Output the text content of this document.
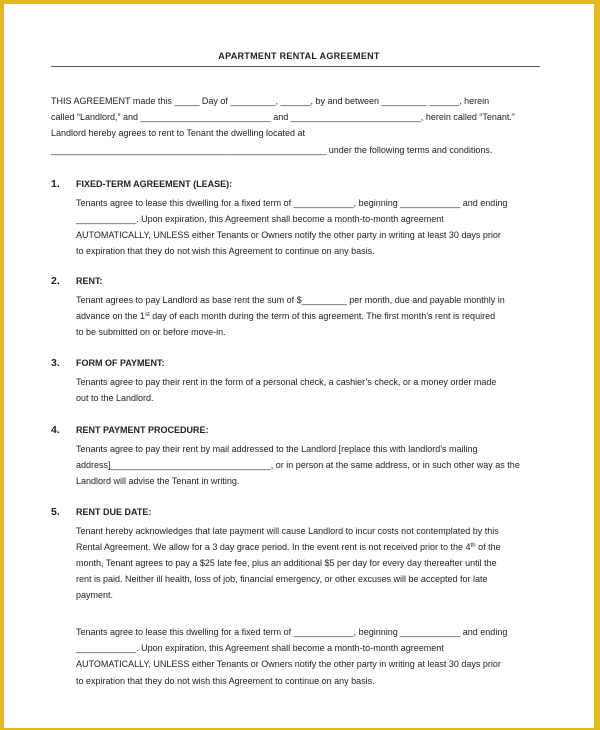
APARTMENT RENTAL AGREEMENT

THIS AGREEMENT made this _____ Day of _________, ______, by and between _________ ______, herein
called “Landlord,” and __________________________ and __________________________, herein called “Tenant.”
Landlord hereby agrees to rent to Tenant the dwelling located at
_______________________________________________________ under the following terms and conditions.

1. FIXED-TERM AGREEMENT (LEASE):

Tenants agree to lease this dwelling for a fixed term of ____________, beginning ____________ and ending
____________. Upon expiration, this Agreement shall become a month-to-month agreement
AUTOMATICALLY, UNLESS either Tenants or Owners notify the other party in writing at least 30 days prior
to expiration that they do not wish this Agreement to continue on any basis.

2. RENT:

Tenant agrees to pay Landlord as base rent the sum of $_________ per month, due and payable monthly in
advance on the 1st day of each month during the term of this agreement. The first month’s rent is required
to be submitted on or before move-in.

3. FORM OF PAYMENT:

Tenants agree to pay their rent in the form of a personal check, a cashier’s check, or a money order made
out to the Landlord.

4. RENT PAYMENT PROCEDURE:

Tenants agree to pay their rent by mail addressed to the Landlord [replace this with landlord’s mailing
address]________________________________, or in person at the same address, or in such other way as the
Landlord will advise the Tenant in writing.

5. RENT DUE DATE:

Tenant hereby acknowledges that late payment will cause Landlord to incur costs not contemplated by this
Rental Agreement. We allow for a 3 day grace period. In the event rent is not received prior to the 4th of the
month, Tenant agrees to pay a $25 late fee, plus an additional $5 per day for every day thereafter until the
rent is paid. Neither ill health, loss of job, financial emergency, or other excuses will be accepted for late
payment.

Tenants agree to lease this dwelling for a fixed term of ____________, beginning ____________ and ending
____________. Upon expiration, this Agreement shall become a month-to-month agreement
AUTOMATICALLY, UNLESS either Tenants or Owners notify the other party in writing at least 30 days prior
to expiration that they do not wish this Agreement to continue on any basis.
